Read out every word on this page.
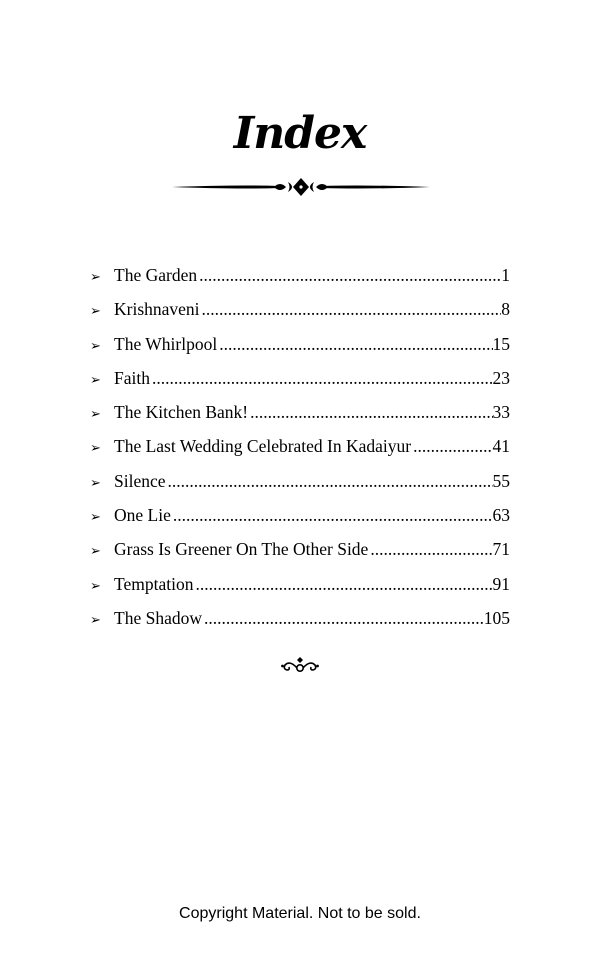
Index
➢ The Garden .....	1
➢ Krishnaveni .....	8
➢ The Whirlpool .....	15
➢ Faith .....	23
➢ The Kitchen Bank! .....	33
➢ The Last Wedding Celebrated In Kadaiyur .....	41
➢ Silence .....	55
➢ One Lie .....	63
➢ Grass Is Greener On The Other Side .....	71
➢ Temptation .....	91
➢ The Shadow .....	105
Copyright Material. Not to be sold.
